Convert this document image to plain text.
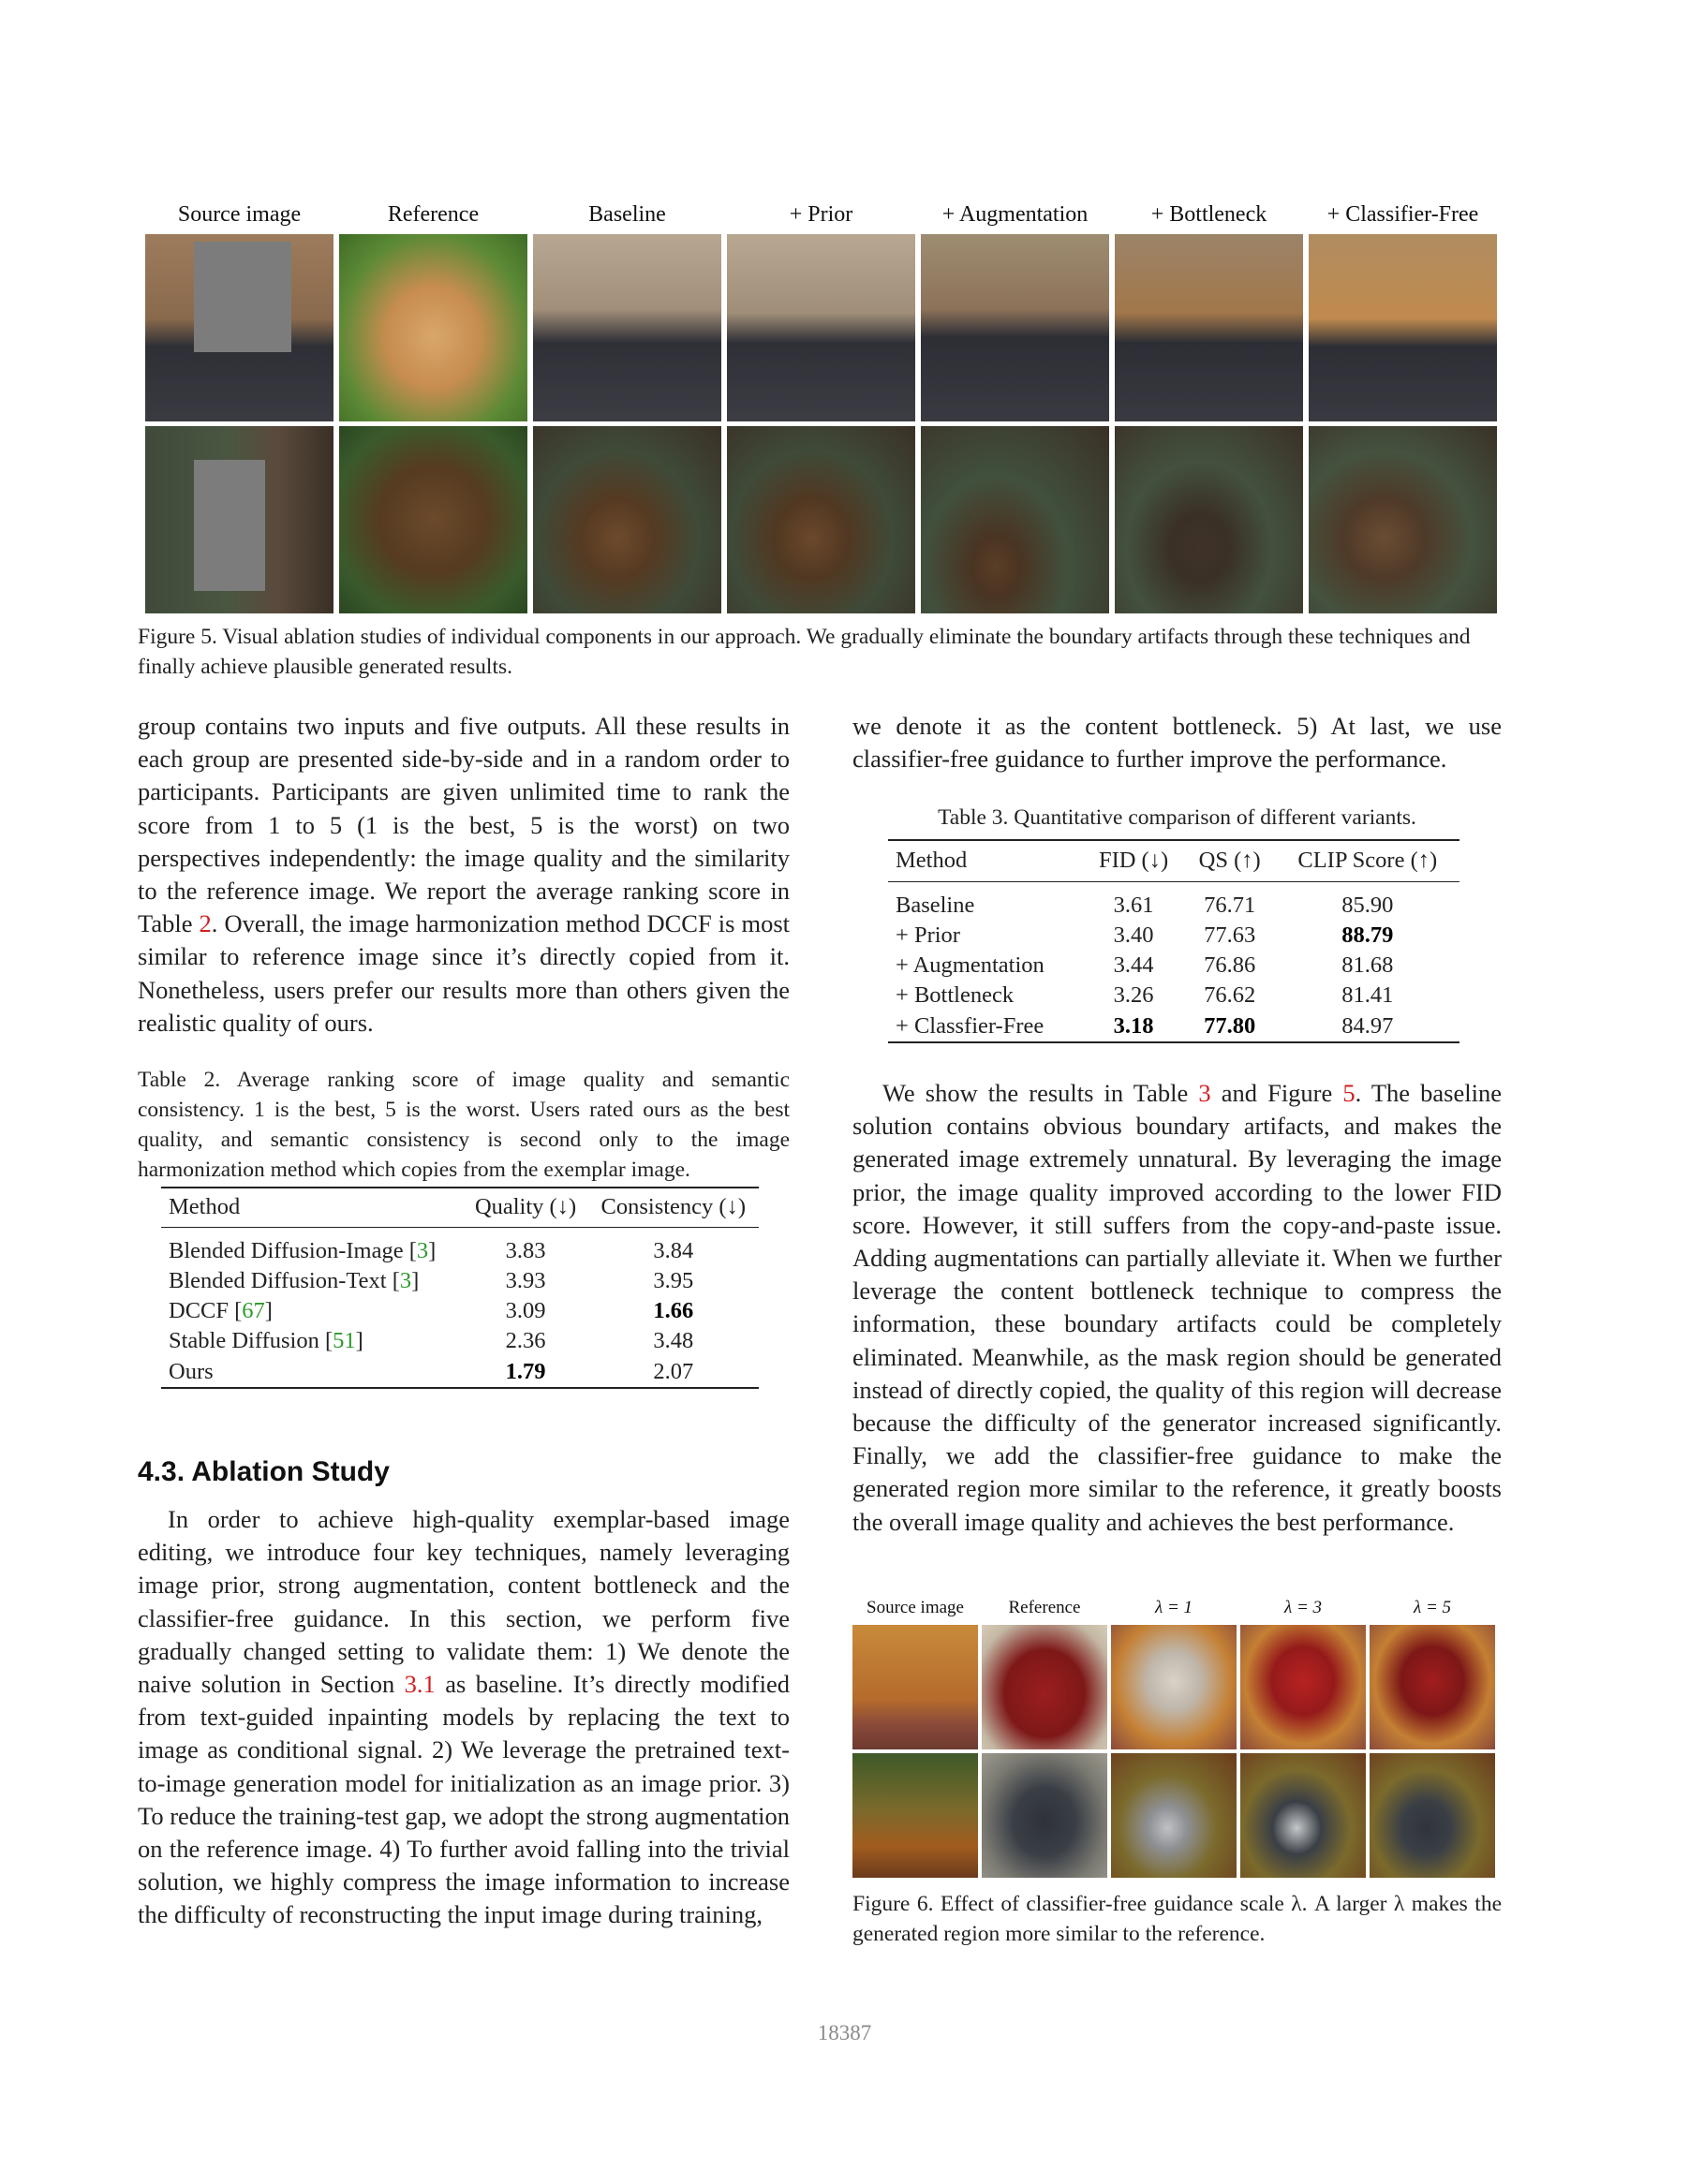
Source image	Reference	Baseline	+ Prior	+ Augmentation	+ Bottleneck	+ Classifier-Free
Figure 5. Visual ablation studies of individual components in our approach. We gradually eliminate the boundary artifacts through these techniques and finally achieve plausible generated results.

group contains two inputs and five outputs. All these results in each group are presented side-by-side and in a random order to participants. Participants are given unlimited time to rank the score from 1 to 5 (1 is the best, 5 is the worst) on two perspectives independently: the image quality and the similarity to the reference image. We report the average ranking score in Table 2. Overall, the image harmonization method DCCF is most similar to reference image since it’s directly copied from it. Nonetheless, users prefer our results more than others given the realistic quality of ours.

Table 2. Average ranking score of image quality and semantic consistency. 1 is the best, 5 is the worst. Users rated ours as the best quality, and semantic consistency is second only to the image harmonization method which copies from the exemplar image.
Method	Quality (↓)	Consistency (↓)

Blended Diffusion-Image [3]	3.83	3.84
Blended Diffusion-Text [3]	3.93	3.95
DCCF [67]	3.09	1.66
Stable Diffusion [51]	2.36	3.48
Ours	1.79	2.07
4.3. Ablation Study

In order to achieve high-quality exemplar-based image editing, we introduce four key techniques, namely leveraging image prior, strong augmentation, content bottleneck and the classifier-free guidance. In this section, we perform five gradually changed setting to validate them: 1) We denote the naive solution in Section 3.1 as baseline. It’s directly modified from text-guided inpainting models by replacing the text to image as conditional signal. 2) We leverage the pretrained text-to-image generation model for initialization as an image prior. 3) To reduce the training-test gap, we adopt the strong augmentation on the reference image. 4) To further avoid falling into the trivial solution, we highly compress the image information to increase the difficulty of reconstructing the input image during training,

we denote it as the content bottleneck. 5) At last, we use classifier-free guidance to further improve the performance.
Table 3. Quantitative comparison of different variants.
Method	FID (↓)	QS (↑)	CLIP Score (↑)

Baseline	3.61	76.71	85.90
+ Prior	3.40	77.63	88.79
+ Augmentation	3.44	76.86	81.68
+ Bottleneck	3.26	76.62	81.41
+ Classfier-Free	3.18	77.80	84.97

We show the results in Table 3 and Figure 5. The baseline solution contains obvious boundary artifacts, and makes the generated image extremely unnatural. By leveraging the image prior, the image quality improved according to the lower FID score. However, it still suffers from the copy-and-paste issue. Adding augmentations can partially alleviate it. When we further leverage the content bottleneck technique to compress the information, these boundary artifacts could be completely eliminated. Meanwhile, as the mask region should be generated instead of directly copied, the quality of this region will decrease because the difficulty of the generator increased significantly. Finally, we add the classifier-free guidance to make the generated region more similar to the reference, it greatly boosts the overall image quality and achieves the best performance.

Source image	Reference	λ = 1	λ = 3	λ = 5
Figure 6. Effect of classifier-free guidance scale λ. A larger λ makes the generated region more similar to the reference.
18387
